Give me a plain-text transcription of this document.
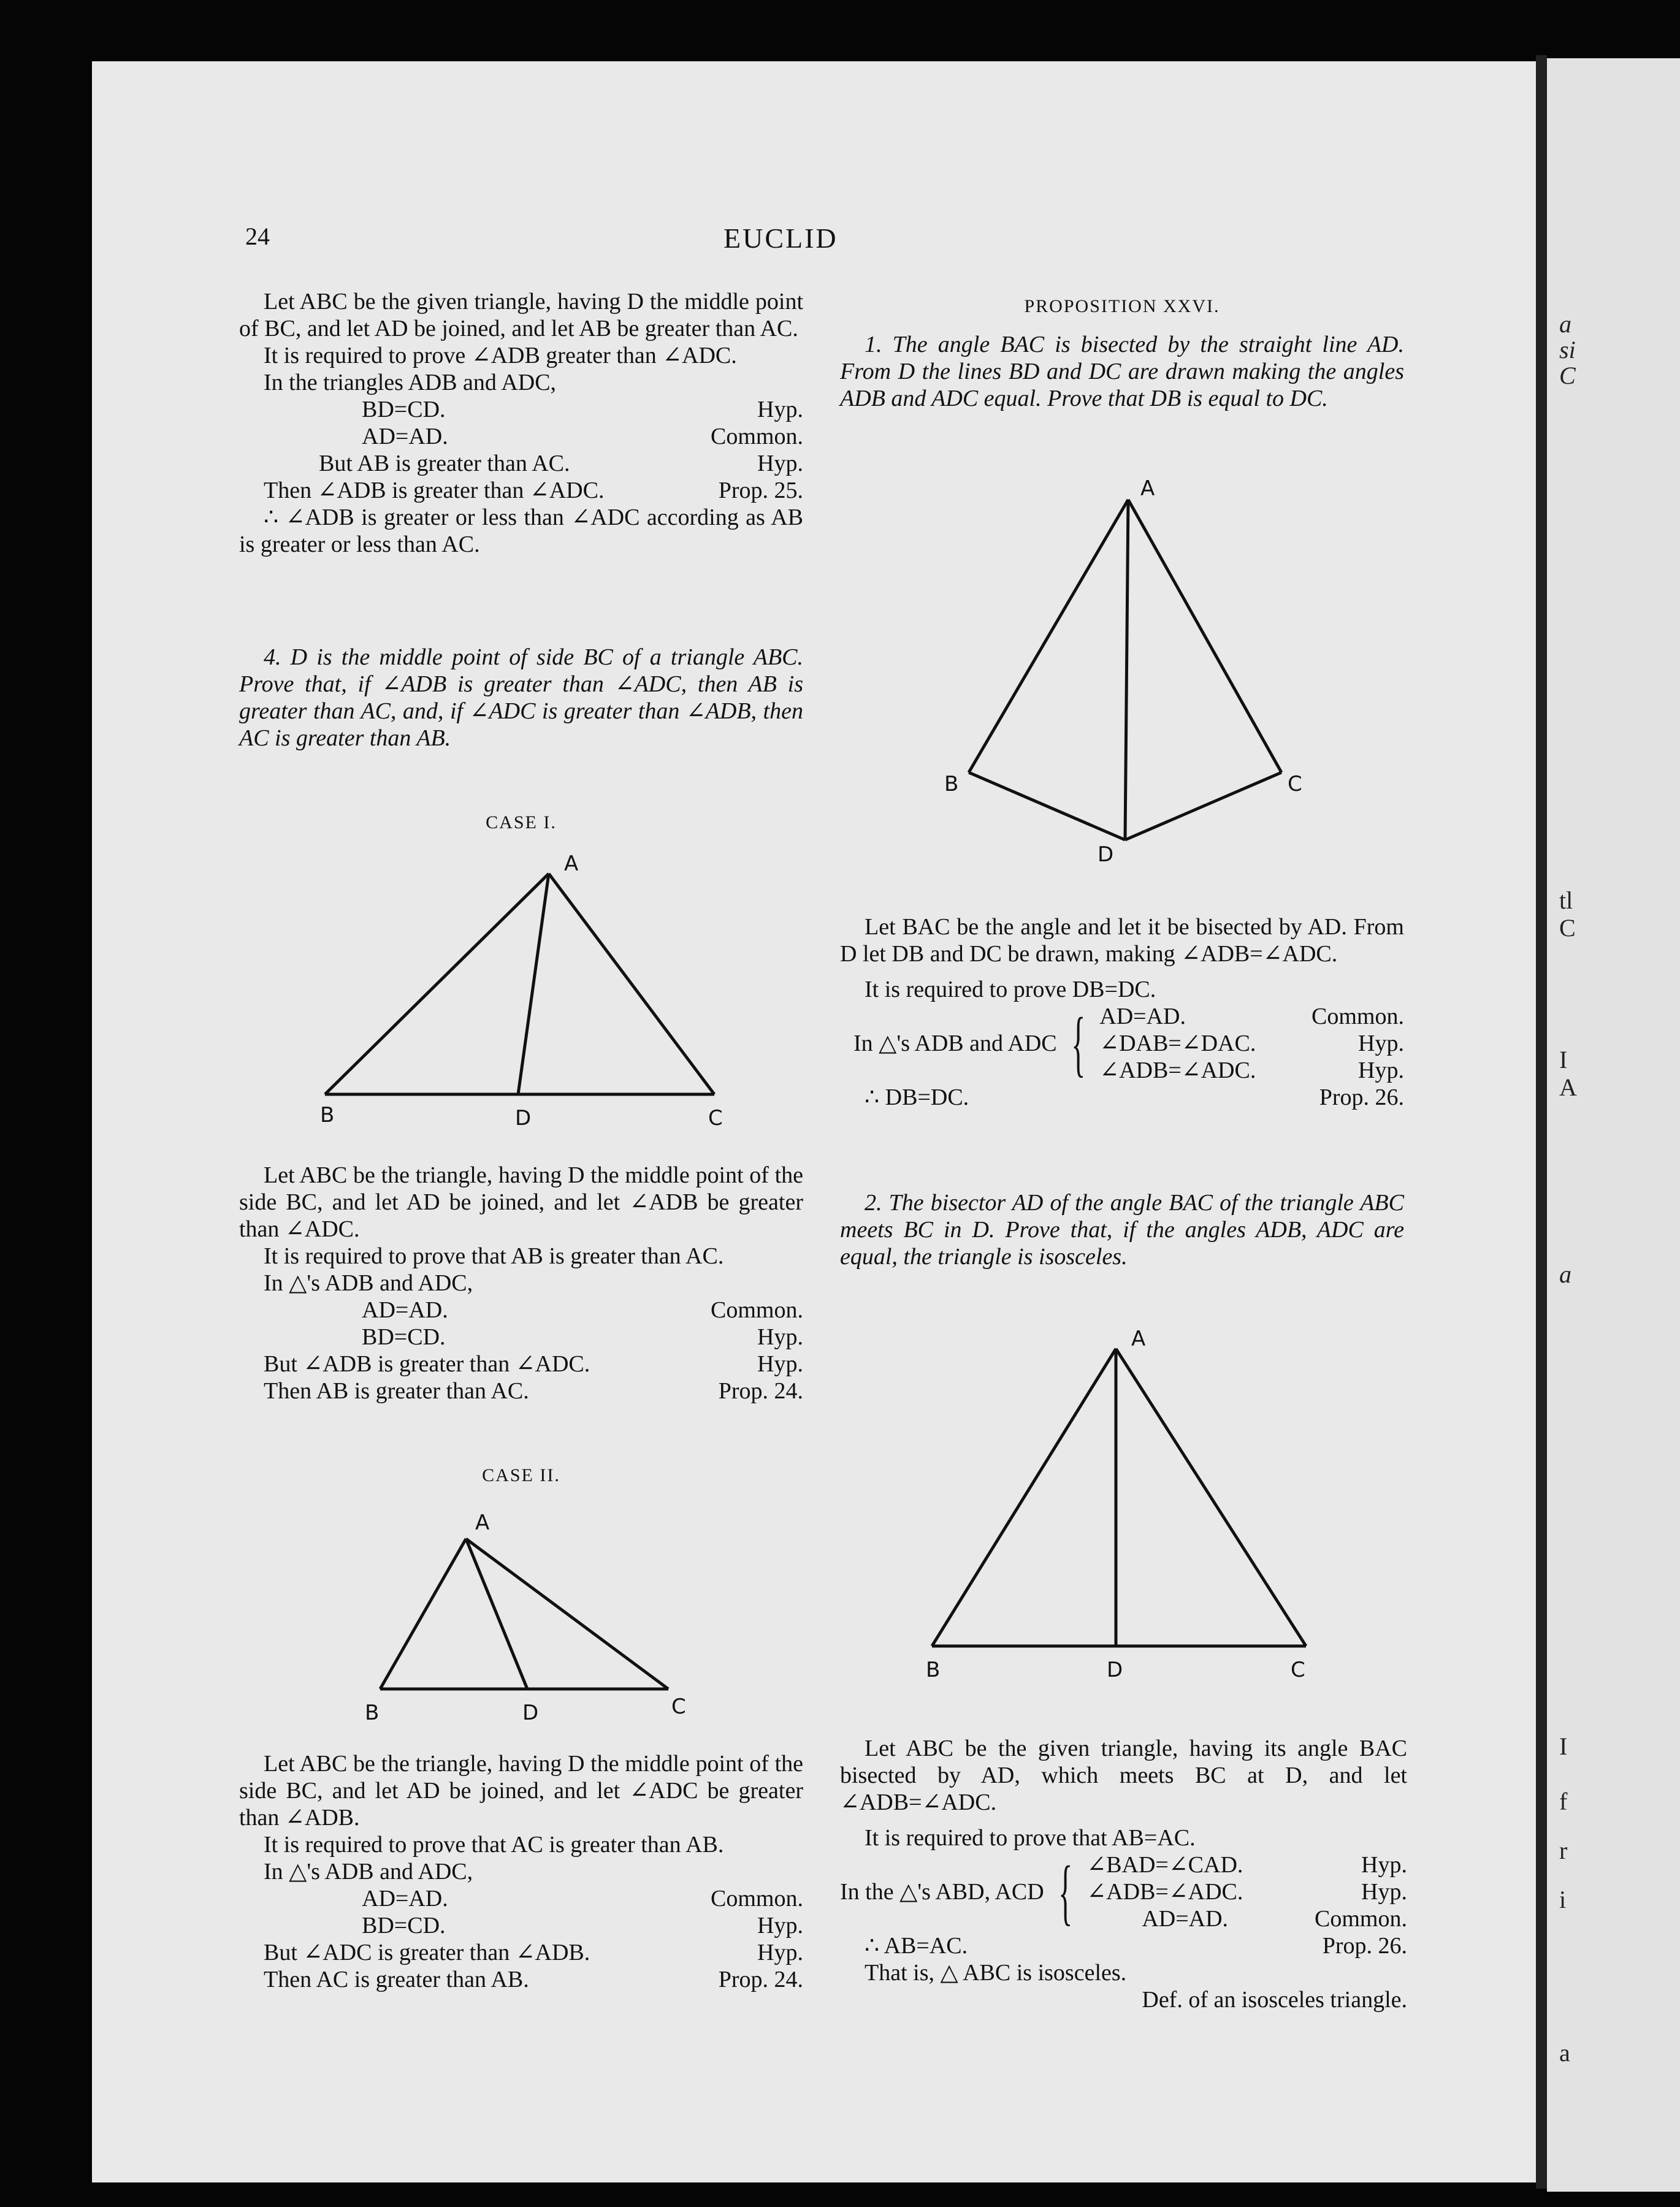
a
si
C
tl
C
I
A
a
I
f
r
i
a
24	EUCLID

Let ABC be the given triangle, having D the middle point of BC, and let AD be joined, and let AB be greater than AC.

It is required to prove ∠ADB greater than ∠ADC.

In the triangles ADB and ADC,

BD=CD.	Hyp.
AD=AD.	Common.
But AB is greater than AC.	Hyp.
Then ∠ADB is greater than ∠ADC.	Prop. 25.

∴ ∠ADB is greater or less than ∠ADC according as AB is greater or less than AC.

4. D is the middle point of side BC of a triangle ABC. Prove that, if ∠ADB is greater than ∠ADC, then AB is greater than AC, and, if ∠ADC is greater than ∠ADB, then AC is greater than AB.

CASE I.

A
B	D	C

Let ABC be the triangle, having D the middle point of the side BC, and let AD be joined, and let ∠ADB be greater than ∠ADC.

It is required to prove that AB is greater than AC.

In △'s ADB and ADC,

AD=AD.	Common.
BD=CD.	Hyp.
But ∠ADB is greater than ∠ADC.	Hyp.
Then AB is greater than AC.	Prop. 24.

CASE II.

A
B	D	C

Let ABC be the triangle, having D the middle point of the side BC, and let AD be joined, and let ∠ADC be greater than ∠ADB.

It is required to prove that AC is greater than AB.

In △'s ADB and ADC,

AD=AD.	Common.
BD=CD.	Hyp.
But ∠ADC is greater than ∠ADB.	Hyp.
Then AC is greater than AB.	Prop. 24.

PROPOSITION XXVI.

1. The angle BAC is bisected by the straight line AD. From D the lines BD and DC are drawn making the angles ADB and ADC equal. Prove that DB is equal to DC.

A
B	C
D

Let BAC be the angle and let it be bisected by AD. From D let DB and DC be drawn, making ∠ADB=∠ADC.

It is required to prove DB=DC.

In △'s ADB and ADC { AD=AD.	Common.
∠DAB=∠DAC.	Hyp.
∠ADB=∠ADC.	Hyp.
∴ DB=DC.	Prop. 26.

2. The bisector AD of the angle BAC of the triangle ABC meets BC in D. Prove that, if the angles ADB, ADC are equal, the triangle is isosceles.

A
B	D	C

Let ABC be the given triangle, having its angle BAC bisected by AD, which meets BC at D, and let ∠ADB=∠ADC.

It is required to prove that AB=AC.

In the △'s ABD, ACD { ∠BAD=∠CAD.	Hyp.
∠ADB=∠ADC.	Hyp.
AD=AD.	Common.
∴ AB=AC.	Prop. 26.

That is, △ ABC is isosceles.

Def. of an isosceles triangle.
